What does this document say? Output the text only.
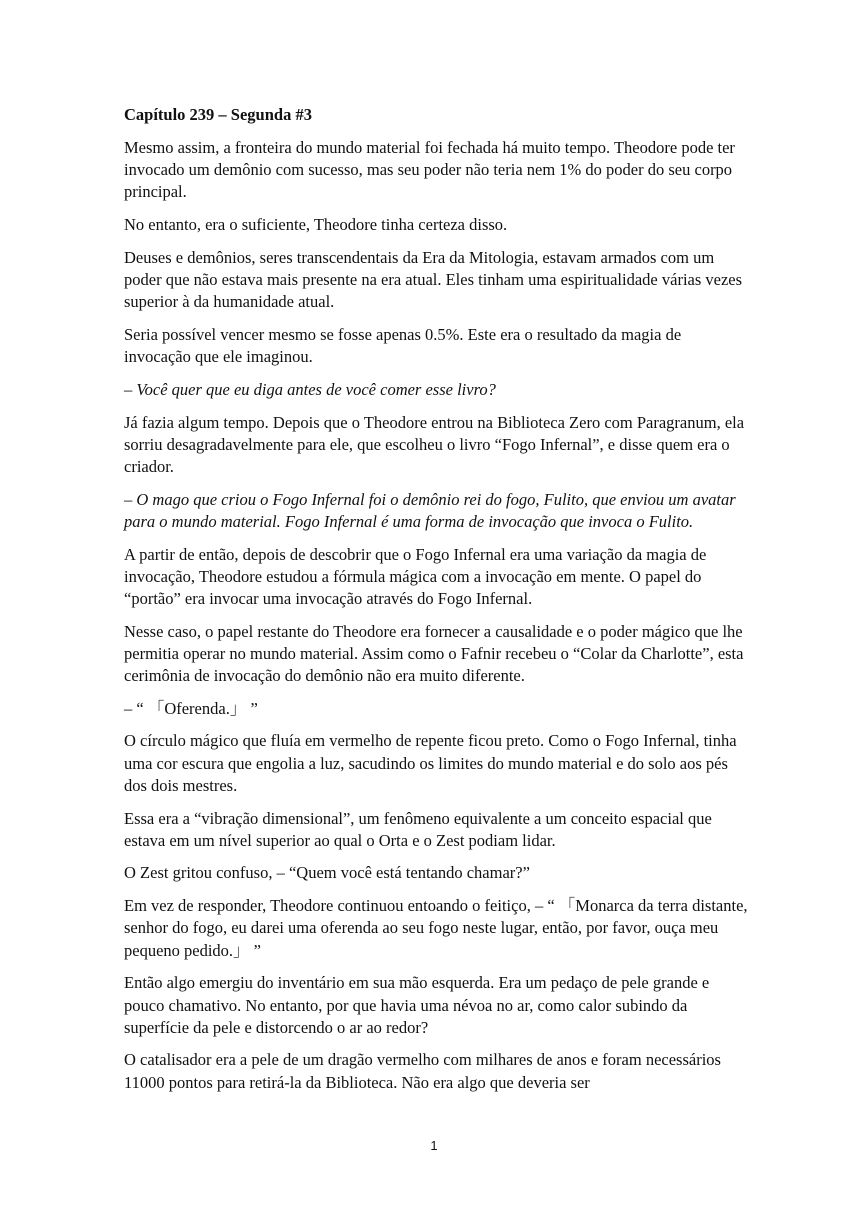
Capítulo 239 – Segunda #3

Mesmo assim, a fronteira do mundo material foi fechada há muito tempo. Theodore pode ter invocado um demônio com sucesso, mas seu poder não teria nem 1% do poder do seu corpo principal.

No entanto, era o suficiente, Theodore tinha certeza disso.

Deuses e demônios, seres transcendentais da Era da Mitologia, estavam armados com um poder que não estava mais presente na era atual. Eles tinham uma espiritualidade várias vezes superior à da humanidade atual.

Seria possível vencer mesmo se fosse apenas 0.5%. Este era o resultado da magia de invocação que ele imaginou.

– Você quer que eu diga antes de você comer esse livro?

Já fazia algum tempo. Depois que o Theodore entrou na Biblioteca Zero com Paragranum, ela sorriu desagradavelmente para ele, que escolheu o livro “Fogo Infernal”, e disse quem era o criador.

– O mago que criou o Fogo Infernal foi o demônio rei do fogo, Fulito, que enviou um avatar para o mundo material. Fogo Infernal é uma forma de invocação que invoca o Fulito.

A partir de então, depois de descobrir que o Fogo Infernal era uma variação da magia de invocação, Theodore estudou a fórmula mágica com a invocação em mente. O papel do “portão” era invocar uma invocação através do Fogo Infernal.

Nesse caso, o papel restante do Theodore era fornecer a causalidade e o poder mágico que lhe permitia operar no mundo material. Assim como o Fafnir recebeu o “Colar da Charlotte”, esta cerimônia de invocação do demônio não era muito diferente.

– “ 「Oferenda.」 ”

O círculo mágico que fluía em vermelho de repente ficou preto. Como o Fogo Infernal, tinha uma cor escura que engolia a luz, sacudindo os limites do mundo material e do solo aos pés dos dois mestres.

Essa era a “vibração dimensional”, um fenômeno equivalente a um conceito espacial que estava em um nível superior ao qual o Orta e o Zest podiam lidar.

O Zest gritou confuso, – “Quem você está tentando chamar?”

Em vez de responder, Theodore continuou entoando o feitiço, – “ 「Monarca da terra distante, senhor do fogo, eu darei uma oferenda ao seu fogo neste lugar, então, por favor, ouça meu pequeno pedido.」 ”

Então algo emergiu do inventário em sua mão esquerda. Era um pedaço de pele grande e pouco chamativo. No entanto, por que havia uma névoa no ar, como calor subindo da superfície da pele e distorcendo o ar ao redor?

O catalisador era a pele de um dragão vermelho com milhares de anos e foram necessários 11000 pontos para retirá-la da Biblioteca. Não era algo que deveria ser

1
